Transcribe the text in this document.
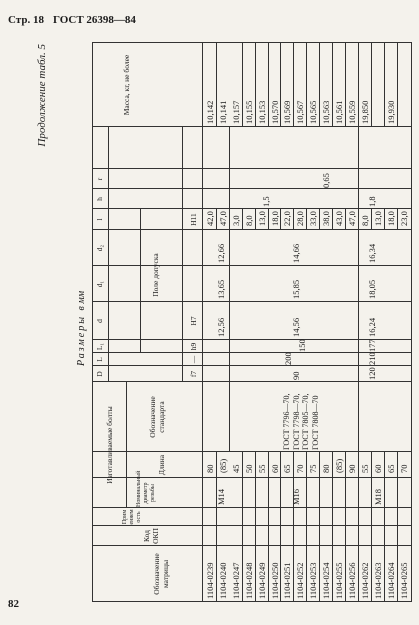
Стр. 18 ГОСТ 26398—84
Продолжение табл. 5
Размеры в мм
Обозначение матрицы
Код ОКП
Применяемость
Изготавливаемые болты
Номинальный диаметр резьбы
Длина
Обозначение стандарта
Поле допуска
D
L
L₁
d
d₁
d₂
l
h
r
Масса, кг, не более
f7
—
h9
H7
H11
М14
12,56
13,65
12,66
М16
90
200
150
14,56
15,85
14,66
1,5
0,65
М18
120
210
177
16,24
18,05
16,34
1,8
ГОСТ 7796—70, ГОСТ 7798—70, ГОСТ 7805—70, ГОСТ 7808—70
1104-0239
80
42,0
10,142
1104-0240
(85)
47,0
10,141
1104-0247
45
3,0
10,157
1104-0248
50
8,0
10,155
1104-0249
55
13,0
10,153
1104-0250
60
18,0
10,570
1104-0251
65
22,0
10,569
1104-0252
70
28,0
10,567
1104-0253
75
33,0
10,565
1104-0254
80
38,0
10,563
1104-0255
(85)
43,0
10,561
1104-0256
90
47,0
10,559
1104-0262
55
8,0
19,850
1104-0263
60
13,0
1104-0264
65
18,0
19,930
1104-0265
70
23,0
82
